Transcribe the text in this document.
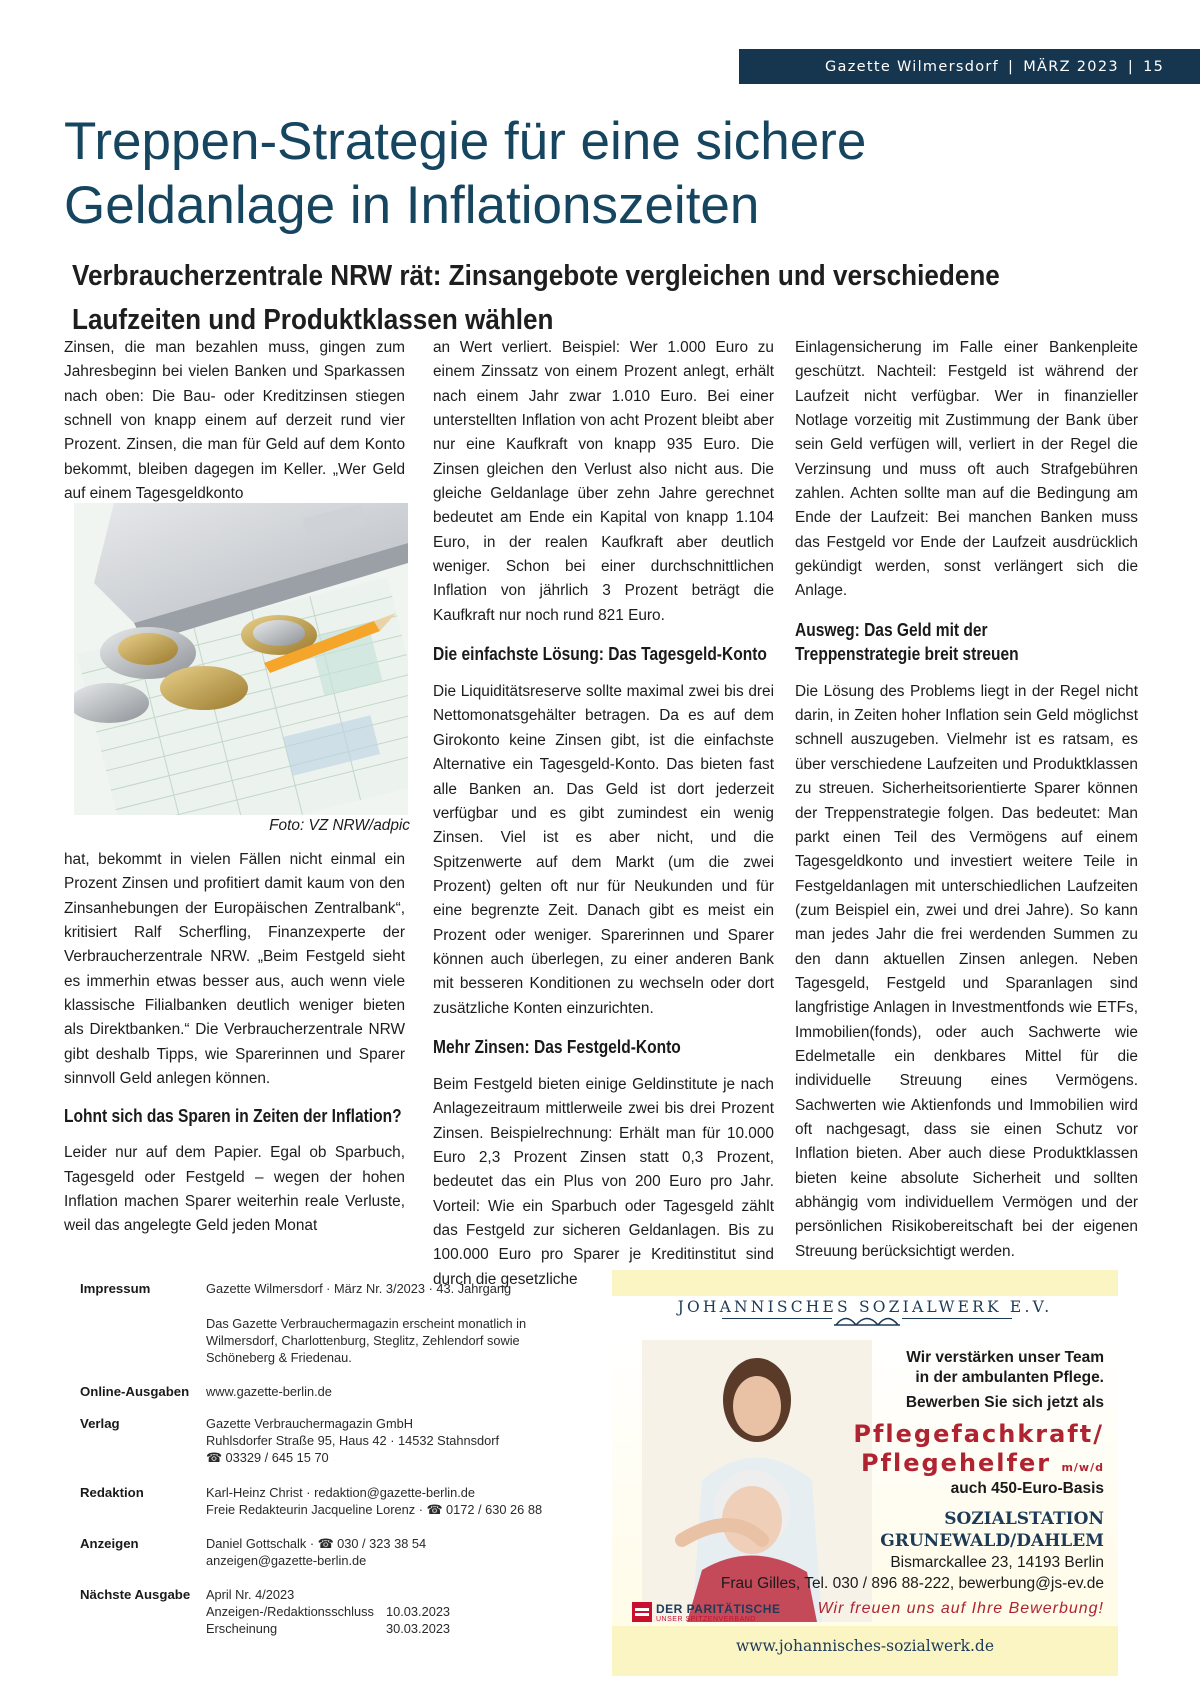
Gazette Wilmersdorf | MÄRZ 2023 | 15
Treppen-Strategie für eine sichere
Geldanlage in Inflationszeiten
Verbraucherzentrale NRW rät: Zinsangebote vergleichen und verschiedene
Laufzeiten und Produktklassen wählen

Zinsen, die man bezahlen muss, gingen zum Jahresbeginn bei vielen Banken und Sparkassen nach oben: Die Bau- oder Kreditzinsen stiegen schnell von knapp einem auf derzeit rund vier Prozent. Zinsen, die man für Geld auf dem Konto bekommt, bleiben dagegen im Keller. „Wer Geld auf einem Tagesgeldkonto

Foto: VZ NRW/adpic

hat, bekommt in vielen Fällen nicht einmal ein Prozent Zinsen und profitiert damit kaum von den Zinsanhebungen der Europäischen Zentralbank“, kritisiert Ralf Scherfling, Finanzexperte der Verbraucherzentrale NRW. „Beim Festgeld sieht es immerhin etwas besser aus, auch wenn viele klassische Filialbanken deutlich weniger bieten als Direktbanken.“ Die Verbraucherzentrale NRW gibt deshalb Tipps, wie Sparerinnen und Sparer sinnvoll Geld anlegen können.

Lohnt sich das Sparen in Zeiten der Inflation?

Leider nur auf dem Papier. Egal ob Sparbuch, Tagesgeld oder Festgeld – wegen der hohen Inflation machen Sparer weiterhin reale Verluste, weil das angelegte Geld jeden Monat

an Wert verliert. Beispiel: Wer 1.000 Euro zu einem Zinssatz von einem Prozent anlegt, erhält nach einem Jahr zwar 1.010 Euro. Bei einer unterstellten Inflation von acht Prozent bleibt aber nur eine Kaufkraft von knapp 935 Euro. Die Zinsen gleichen den Verlust also nicht aus. Die gleiche Geldanlage über zehn Jahre gerechnet bedeutet am Ende ein Kapital von knapp 1.104 Euro, in der realen Kaufkraft aber deutlich weniger. Schon bei einer durchschnittlichen Inflation von jährlich 3 Prozent beträgt die Kaufkraft nur noch rund 821 Euro.

Die einfachste Lösung: Das Tagesgeld-Konto

Die Liquiditätsreserve sollte maximal zwei bis drei Nettomonatsgehälter betragen. Da es auf dem Girokonto keine Zinsen gibt, ist die einfachste Alternative ein Tagesgeld-Konto. Das bieten fast alle Banken an. Das Geld ist dort jederzeit verfügbar und es gibt zumindest ein wenig Zinsen. Viel ist es aber nicht, und die Spitzenwerte auf dem Markt (um die zwei Prozent) gelten oft nur für Neukunden und für eine begrenzte Zeit. Danach gibt es meist ein Prozent oder weniger. Sparerinnen und Sparer können auch überlegen, zu einer anderen Bank mit besseren Konditionen zu wechseln oder dort zusätzliche Konten einzurichten.

Mehr Zinsen: Das Festgeld-Konto

Beim Festgeld bieten einige Geldinstitute je nach Anlagezeitraum mittlerweile zwei bis drei Prozent Zinsen. Beispielrechnung: Erhält man für 10.000 Euro 2,3 Prozent Zinsen statt 0,3 Prozent, bedeutet das ein Plus von 200 Euro pro Jahr. Vorteil: Wie ein Sparbuch oder Tagesgeld zählt das Festgeld zur sicheren Geldanlagen. Bis zu 100.000 Euro pro Sparer je Kreditinstitut sind durch die gesetzliche

Einlagensicherung im Falle einer Bankenpleite geschützt. Nachteil: Festgeld ist während der Laufzeit nicht verfügbar. Wer in finanzieller Notlage vorzeitig mit Zustimmung der Bank über sein Geld verfügen will, verliert in der Regel die Verzinsung und muss oft auch Strafgebühren zahlen. Achten sollte man auf die Bedingung am Ende der Laufzeit: Bei manchen Banken muss das Festgeld vor Ende der Laufzeit ausdrücklich gekündigt werden, sonst verlängert sich die Anlage.

Ausweg: Das Geld mit der
Treppenstrategie breit streuen

Die Lösung des Problems liegt in der Regel nicht darin, in Zeiten hoher Inflation sein Geld möglichst schnell auszugeben. Vielmehr ist es ratsam, es über verschiedene Laufzeiten und Produktklassen zu streuen. Sicherheitsorientierte Sparer können der Treppenstrategie folgen. Das bedeutet: Man parkt einen Teil des Vermögens auf einem Tagesgeldkonto und investiert weitere Teile in Festgeldanlagen mit unterschiedlichen Laufzeiten (zum Beispiel ein, zwei und drei Jahre). So kann man jedes Jahr die frei werdenden Summen zu den dann aktuellen Zinsen anlegen. Neben Tagesgeld, Festgeld und Sparanlagen sind langfristige Anlagen in Investmentfonds wie ETFs, Immobilien(fonds), oder auch Sachwerte wie Edelmetalle ein denkbares Mittel für die individuelle Streuung eines Vermögens. Sachwerten wie Aktienfonds und Immobilien wird oft nachgesagt, dass sie einen Schutz vor Inflation bieten. Aber auch diese Produktklassen bieten keine absolute Sicherheit und sollten abhängig vom individuellem Vermögen und der persönlichen Risikobereitschaft bei der eigenen Streuung berücksichtigt werden.

Impressum	Gazette Wilmersdorf · März Nr. 3/2023 · 43. Jahrgang
Das Gazette Verbrauchermagazin erscheint monatlich in
Wilmersdorf, Charlottenburg, Steglitz, Zehlendorf sowie
Schöneberg & Friedenau.
Online-Ausgaben www.gazette-berlin.de
Verlag	Gazette Verbrauchermagazin GmbH
Ruhlsdorfer Straße 95, Haus 42 · 14532 Stahnsdorf
☎ 03329 / 645 15 70
Redaktion	Karl-Heinz Christ · redaktion@gazette-berlin.de
Freie Redakteurin Jacqueline Lorenz · ☎ 0172 / 630 26 88
Anzeigen	Daniel Gottschalk · ☎ 030 / 323 38 54
anzeigen@gazette-berlin.de
Nächste Ausgabe April Nr. 4/2023
Anzeigen-/Redaktionsschluss 10.03.2023
Erscheinung	30.03.2023
JOHANNISCHES SOZIALWERK E.V.
Wir verstärken unser Team
in der ambulanten Pflege.
Bewerben Sie sich jetzt als
Pflegefachkraft/
Pflegehelfer m/w/d
auch 450-Euro-Basis
SOZIALSTATION
GRUNEWALD/DAHLEM
Bismarckallee 23, 14193 Berlin
Frau Gilles, Tel. 030 / 896 88-222, bewerbung@js-ev.de
Wir freuen uns auf Ihre Bewerbung!
DER PARITÄTISCHE
UNSER SPITZENVERBAND
www.johannisches-sozialwerk.de
